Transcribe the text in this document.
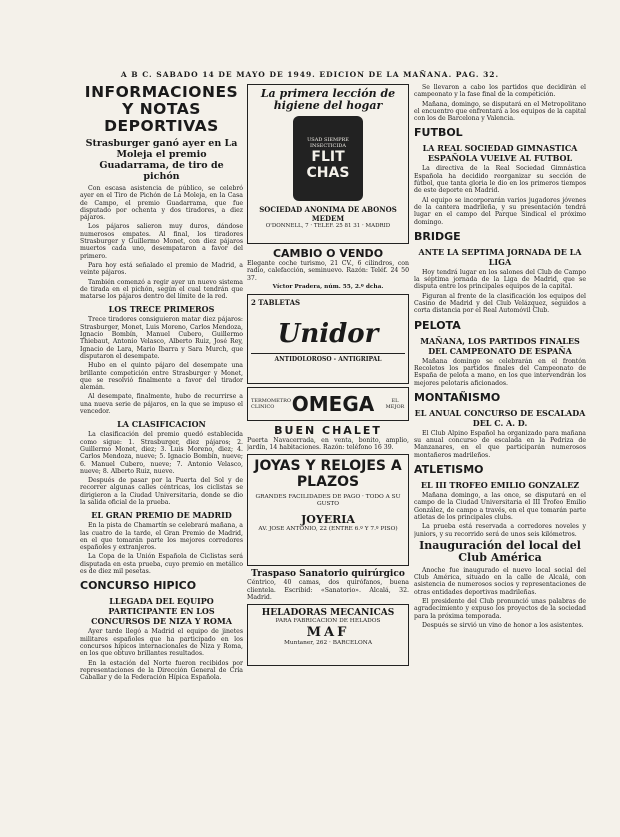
A B C. SABADO 14 DE MAYO DE 1949. EDICION DE LA MAÑANA. PAG. 32.
INFORMACIONES Y NOTAS DEPORTIVAS
Strasburger ganó ayer en La Moleja el premio Guadarrama, de tiro de pichón
Con escasa asistencia de público, se celebró ayer en el Tiro de Pichón de La Moleja, en la Casa de Campo, el premio Guadarrama, que fue disputado por ochenta y dos tiradores, a diez pájaros.
Los pájaros salieron muy duros, dándose numerosos empates. Al final, los tiradores Strasburger y Guillermo Monet, con diez pájaros muertos cada uno, desempataron a favor del primero.
Para hoy está señalado el premio de Madrid, a veinte pájaros.
También comenzó a regir ayer un nuevo sistema de tirada en el pichón, según el cual tendrán que matarse los pájaros dentro del límite de la red.
LOS TRECE PRIMEROS
Trece tiradores consiguieron matar diez pájaros: Strasburger, Monet, Luis Moreno, Carlos Mendoza, Ignacio Bombín, Manuel Cubero, Guillermo Thiebaut, Antonio Velasco, Alberto Ruiz, José Rey, Ignacio de Lara, Mario Ibarra y Sara Murch, que disputaron el desempate.
Hubo en el quinto pájaro del desempate una brillante competición entre Strasburger y Monet, que se resolvió finalmente a favor del tirador alemán.
Al desempate, finalmente, hubo de recurrirse a una nueva serie de pájaros, en la que se impuso el vencedor.
LA CLASIFICACION
La clasificación del premio quedó establecida como sigue: 1. Strasburger, diez pájaros; 2. Guillermo Monet, diez; 3. Luis Moreno, diez; 4. Carlos Mendoza, nueve; 5. Ignacio Bombín, nueve; 6. Manuel Cubero, nueve; 7. Antonio Velasco, nueve; 8. Alberto Ruiz, nueve.
Después de pasar por la Puerta del Sol y de recorrer algunas calles céntricas, los ciclistas se dirigieron a la Ciudad Universitaria, donde se dio la salida oficial de la prueba.
EL GRAN PREMIO DE MADRID
En la pista de Chamartín se celebrará mañana, a las cuatro de la tarde, el Gran Premio de Madrid, en el que tomarán parte los mejores corredores españoles y extranjeros.
La Copa de la Unión Española de Ciclistas será disputada en esta prueba, cuyo premio en metálico es de diez mil pesetas.
CONCURSO HIPICO
LLEGADA DEL EQUIPO PARTICIPANTE EN LOS CONCURSOS DE NIZA Y ROMA
Ayer tarde llegó a Madrid el equipo de jinetes militares españoles que ha participado en los concursos hípicos internacionales de Niza y Roma, en los que obtuvo brillantes resultados.
En la estación del Norte fueron recibidos por representaciones de la Dirección General de Cría Caballar y de la Federación Hípica Española.
La primera lección de higiene del hogar
USAD SIEMPRE INSECTICIDA
FLIT CHAS
SOCIEDAD ANONIMA DE ABONOS MEDEM
O'DONNELL, 7 · TELEF. 25 81 31 · MADRID
CAMBIO O VENDO
Elegante coche turismo, 21 CV., 6 cilindros, con radio, calefacción, seminuevo. Razón: Teléf. 24 50 37.
Víctor Pradera, núm. 55, 2.º dcha.
2 TABLETAS
Unidor
ANTIDOLOROSO - ANTIGRIPAL
TERMOMETRO CLINICO OMEGA	EL MEJOR
BUEN CHALET
Puerta Navacerrada, en venta, bonito, amplio, jardín, 14 habitaciones. Razón: teléfono 16 39.
JOYAS Y RELOJES A PLAZOS
GRANDES FACILIDADES DE PAGO · TODO A SU GUSTO
JOYERIA
AV. JOSE ANTONIO, 22 (ENTRE 6.º Y 7.º PISO)
Traspaso Sanatorio quirúrgico
Céntrico, 40 camas, dos quirófanos, buena clientela. Escribid: «Sanatorio». Alcalá, 32. Madrid.
HELADORAS MECANICAS
PARA FABRICACION DE HELADOS
MAF
Muntaner, 262 · BARCELONA
Se llevaron a cabo los partidos que decidirán el campeonato y la fase final de la competición.
Mañana, domingo, se disputará en el Metropolitano el encuentro que enfrentará a los equipos de la capital con los de Barcelona y Valencia.
FUTBOL
LA REAL SOCIEDAD GIMNASTICA ESPAÑOLA VUELVE AL FUTBOL
La directiva de la Real Sociedad Gimnástica Española ha decidido reorganizar su sección de fútbol, que tanta gloria le dio en los primeros tiempos de este deporte en Madrid.
Al equipo se incorporarán varios jugadores jóvenes de la cantera madrileña, y su presentación tendrá lugar en el campo del Parque Sindical el próximo domingo.
BRIDGE
ANTE LA SEPTIMA JORNADA DE LA LIGA
Hoy tendrá lugar en los salones del Club de Campo la séptima jornada de la Liga de Madrid, que se disputa entre los principales equipos de la capital.
Figuran al frente de la clasificación los equipos del Casino de Madrid y del Club Velázquez, seguidos a corta distancia por el Real Automóvil Club.
PELOTA
MAÑANA, LOS PARTIDOS FINALES DEL CAMPEONATO DE ESPAÑA
Mañana domingo se celebrarán en el frontón Recoletos los partidos finales del Campeonato de España de pelota a mano, en los que intervendrán los mejores pelotaris aficionados.
MONTAÑISMO
EL ANUAL CONCURSO DE ESCALADA DEL C. A. D.
El Club Alpino Español ha organizado para mañana su anual concurso de escalada en la Pedriza de Manzanares, en el que participarán numerosos montañeros madrileños.
ATLETISMO
EL III TROFEO EMILIO GONZALEZ
Mañana domingo, a las once, se disputará en el campo de la Ciudad Universitaria el III Trofeo Emilio González, de campo a través, en el que tomarán parte atletas de los principales clubs.
La prueba está reservada a corredores noveles y juniors, y su recorrido será de unos seis kilómetros.
Inauguración del local del Club América
Anoche fue inaugurado el nuevo local social del Club América, situado en la calle de Alcalá, con asistencia de numerosos socios y representaciones de otras entidades deportivas madrileñas.
El presidente del Club pronunció unas palabras de agradecimiento y expuso los proyectos de la sociedad para la próxima temporada.
Después se sirvió un vino de honor a los asistentes.
